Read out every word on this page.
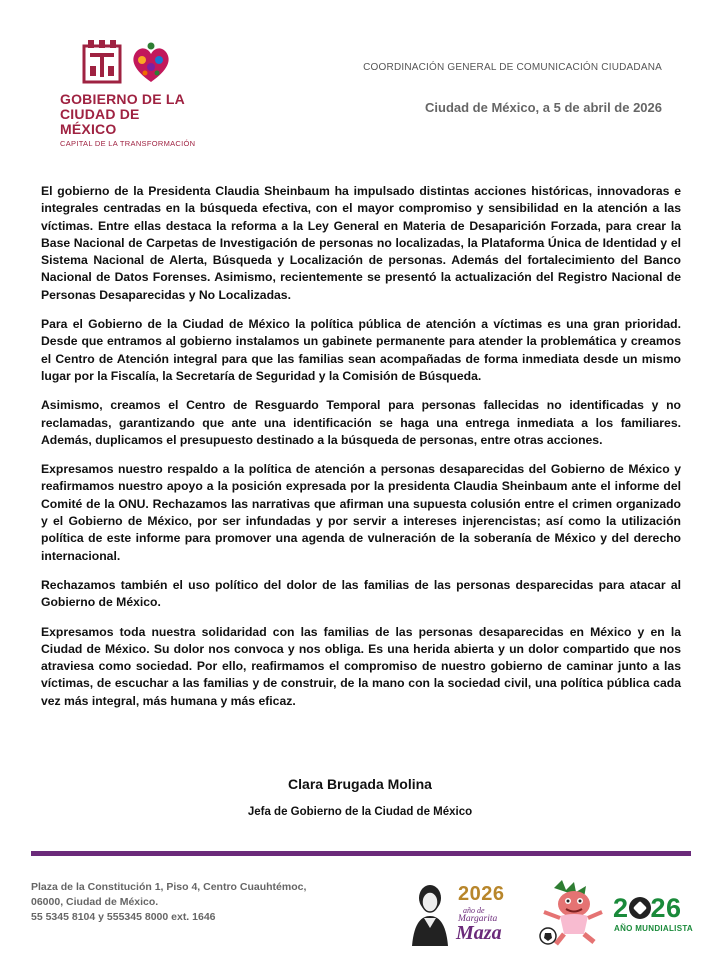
GOBIERNO DE LA
CIUDAD DE MÉXICO
CAPITAL DE LA TRANSFORMACIÓN
COORDINACIÓN GENERAL DE COMUNICACIÓN CIUDADANA
Ciudad de México, a 5 de abril de 2026

El gobierno de la Presidenta Claudia Sheinbaum ha impulsado distintas acciones históricas, innovadoras e integrales centradas en la búsqueda efectiva, con el mayor compromiso y sensibilidad en la atención a las víctimas. Entre ellas destaca la reforma a la Ley General en Materia de Desaparición Forzada, para crear la Base Nacional de Carpetas de Investigación de personas no localizadas, la Plataforma Única de Identidad y el Sistema Nacional de Alerta, Búsqueda y Localización de personas. Además del fortalecimiento del Banco Nacional de Datos Forenses. Asimismo, recientemente se presentó la actualización del Registro Nacional de Personas Desaparecidas y No Localizadas.

Para el Gobierno de la Ciudad de México la política pública de atención a víctimas es una gran prioridad. Desde que entramos al gobierno instalamos un gabinete permanente para atender la problemática y creamos el Centro de Atención integral para que las familias sean acompañadas de forma inmediata desde un mismo lugar por la Fiscalía, la Secretaría de Seguridad y la Comisión de Búsqueda.

Asimismo, creamos el Centro de Resguardo Temporal para personas fallecidas no identificadas y no reclamadas, garantizando que ante una identificación se haga una entrega inmediata a los familiares. Además, duplicamos el presupuesto destinado a la búsqueda de personas, entre otras acciones.

Expresamos nuestro respaldo a la política de atención a personas desaparecidas del Gobierno de México y reafirmamos nuestro apoyo a la posición expresada por la presidenta Claudia Sheinbaum ante el informe del Comité de la ONU. Rechazamos las narrativas que afirman una supuesta colusión entre el crimen organizado y el Gobierno de México, por ser infundadas y por servir a intereses injerencistas; así como la utilización política de este informe para promover una agenda de vulneración de la soberanía de México y del derecho internacional.

Rechazamos también el uso político del dolor de las familias de las personas desparecidas para atacar al Gobierno de México.

Expresamos toda nuestra solidaridad con las familias de las personas desaparecidas en México y en la Ciudad de México. Su dolor nos convoca y nos obliga. Es una herida abierta y un dolor compartido que nos atraviesa como sociedad. Por ello, reafirmamos el compromiso de nuestro gobierno de caminar junto a las víctimas, de escuchar a las familias y de construir, de la mano con la sociedad civil, una política pública cada vez más integral, más humana y más eficaz.

Clara Brugada Molina
Jefa de Gobierno de la Ciudad de México
Plaza de la Constitución 1, Piso 4, Centro Cuauhtémoc,
06000, Ciudad de México.
55 5345 8104 y 555345 8000 ext. 1646
2026
año de
Margarita
Maza
2 26
AÑO MUNDIALISTA
